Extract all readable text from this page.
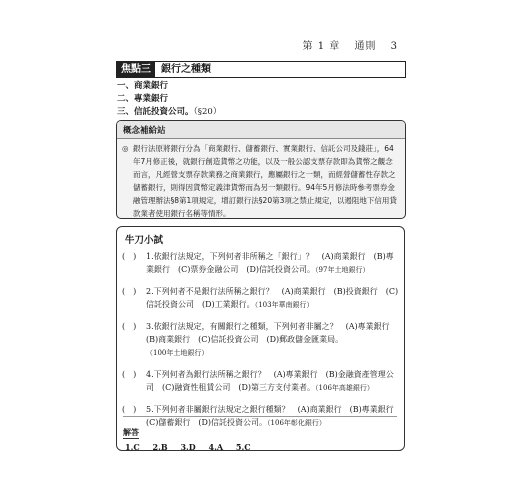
第 1 章 通則 3
焦點三	銀行之種類
一、商業銀行
二、專業銀行
三、信託投資公司。（§20）
概念補給站
◎ 銀行法原將銀行分為「商業銀行、儲蓄銀行、實業銀行、信託公司及錢莊」，64年7月修正後，就銀行創造貨幣之功能，以及一般公認支票存款即為貨幣之觀念而言，凡經營支票存款業務之商業銀行，應屬銀行之一類，而經營儲蓄性存款之儲蓄銀行，則得因貨幣定義津貨幣而為另一類銀行。94年5月修法時參考票券金融管理辦法§8第1項規定，增訂銀行法§20第3項之禁止規定，以遏阻地下信用貸款業者使用銀行名稱等情形。
牛刀小試
(　)	1.依銀行法規定，下列何者非所稱之「銀行」？　(A)商業銀行　(B)專業銀行　(C)票券金融公司　(D)信託投資公司。（97年土地銀行）
(　)	2.下列何者不是銀行法所稱之銀行？　(A)商業銀行　(B)投資銀行　(C)信託投資公司　(D)工業銀行。（103年華南銀行）
(　)	3.依銀行法規定，有關銀行之種類，下列何者非屬之？　(A)專業銀行　(B)商業銀行　(C)信託投資公司　(D)郵政儲金匯業局。（100年土地銀行）
(　)	4.下列何者為銀行法所稱之銀行？　(A)專業銀行　(B)金融資產管理公司　(C)融資性租賃公司　(D)第三方支付業者。（106年高雄銀行）
(　)	5.下列何者非屬銀行法規定之銀行種類？　(A)商業銀行　(B)專業銀行　(C)儲蓄銀行　(D)信託投資公司。（106年彰化銀行）
解答
1.C 2.B 3.D 4.A 5.C
